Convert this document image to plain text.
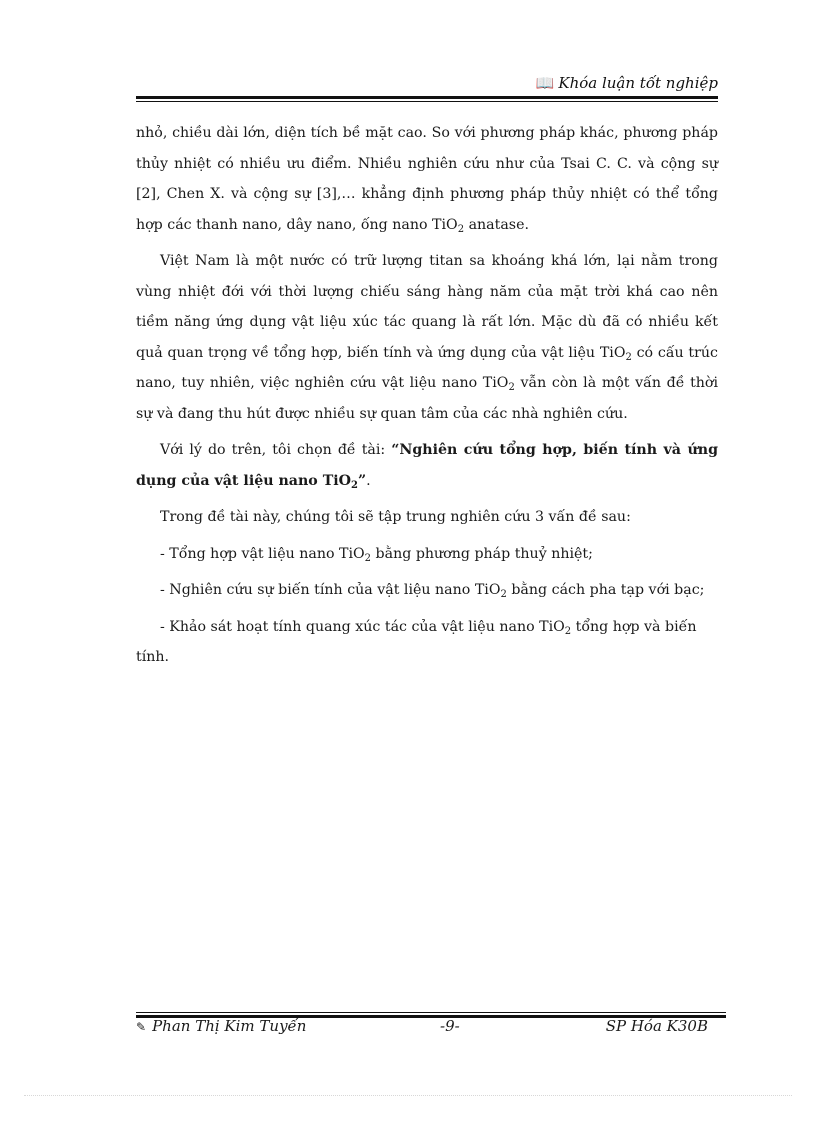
📖 Khóa luận tốt nghiệp

nhỏ, chiều dài lớn, diện tích bề mặt cao. So với phương pháp khác, phương pháp thủy nhiệt có nhiều ưu điểm. Nhiều nghiên cứu như của Tsai C. C. và cộng sự [2], Chen X. và cộng sự [3],… khẳng định phương pháp thủy nhiệt có thể tổng hợp các thanh nano, dây nano, ống nano TiO$_2$ anatase.

Việt Nam là một nước có trữ lượng titan sa khoáng khá lớn, lại nằm trong vùng nhiệt đới với thời lượng chiếu sáng hàng năm của mặt trời khá cao nên tiềm năng ứng dụng vật liệu xúc tác quang là rất lớn. Mặc dù đã có nhiều kết quả quan trọng về tổng hợp, biến tính và ứng dụng của vật liệu TiO$_2$ có cấu trúc nano, tuy nhiên, việc nghiên cứu vật liệu nano TiO$_2$ vẫn còn là một vấn đề thời sự và đang thu hút được nhiều sự quan tâm của các nhà nghiên cứu.

Với lý do trên, tôi chọn đề tài: “Nghiên cứu tổng hợp, biến tính và ứng dụng của vật liệu nano TiO$_2$”.

Trong đề tài này, chúng tôi sẽ tập trung nghiên cứu 3 vấn đề sau:

- Tổng hợp vật liệu nano TiO$_2$ bằng phương pháp thuỷ nhiệt;

- Nghiên cứu sự biến tính của vật liệu nano TiO$_2$ bằng cách pha tạp với bạc;

- Khảo sát hoạt tính quang xúc tác của vật liệu nano TiO$_2$ tổng hợp và biến tính.

✎ Phan Thị Kim Tuyến	-9-	SP Hóa K30B
